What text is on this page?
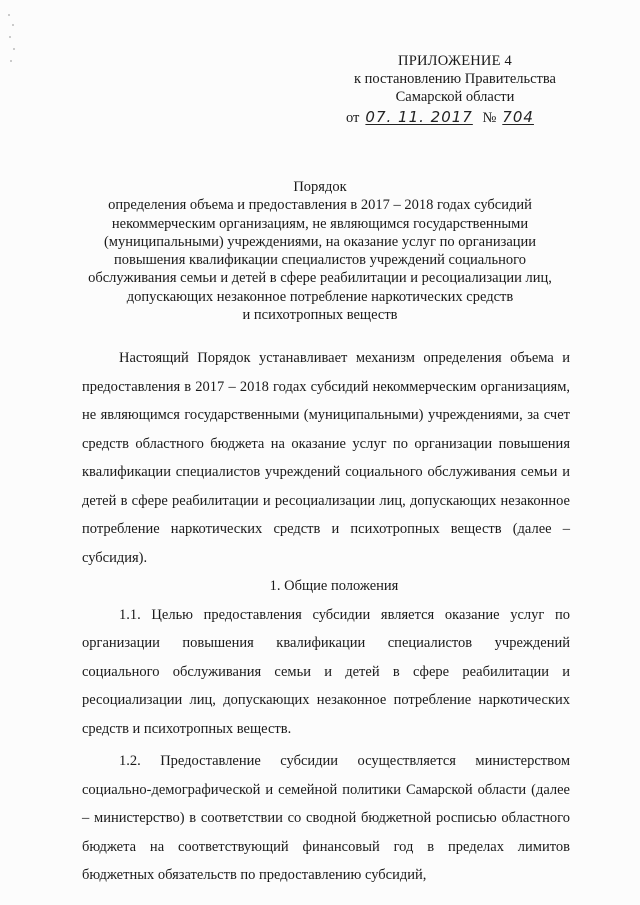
ПРИЛОЖЕНИЕ 4
к постановлению Правительства
Самарской области
от 07. 11. 2017 № 704
Порядок
определения объема и предоставления в 2017 – 2018 годах субсидий
некоммерческим организациям, не являющимся государственными
(муниципальными) учреждениями, на оказание услуг по организации
повышения квалификации специалистов учреждений социального
обслуживания семьи и детей в сфере реабилитации и ресоциализации лиц,
допускающих незаконное потребление наркотических средств
и психотропных веществ

Настоящий Порядок устанавливает механизм определения объема и предоставления в 2017 – 2018 годах субсидий некоммерческим организациям, не являющимся государственными (муниципальными) учреждениями, за счет средств областного бюджета на оказание услуг по организации повышения квалификации специалистов учреждений социального обслуживания семьи и детей в сфере реабилитации и ресоциализации лиц, допускающих незаконное потребление наркотических средств и психотропных веществ (далее – субсидия).

1. Общие положения

1.1. Целью предоставления субсидии является оказание услуг по организации повышения квалификации специалистов учреждений социального обслуживания семьи и детей в сфере реабилитации и ресоциализации лиц, допускающих незаконное потребление наркотических средств и психотропных веществ.

1.2. Предоставление субсидии осуществляется министерством социально-демографической и семейной политики Самарской области (далее – министерство) в соответствии со сводной бюджетной росписью областного бюджета на соответствующий финансовый год в пределах лимитов бюджетных обязательств по предоставлению субсидий,
